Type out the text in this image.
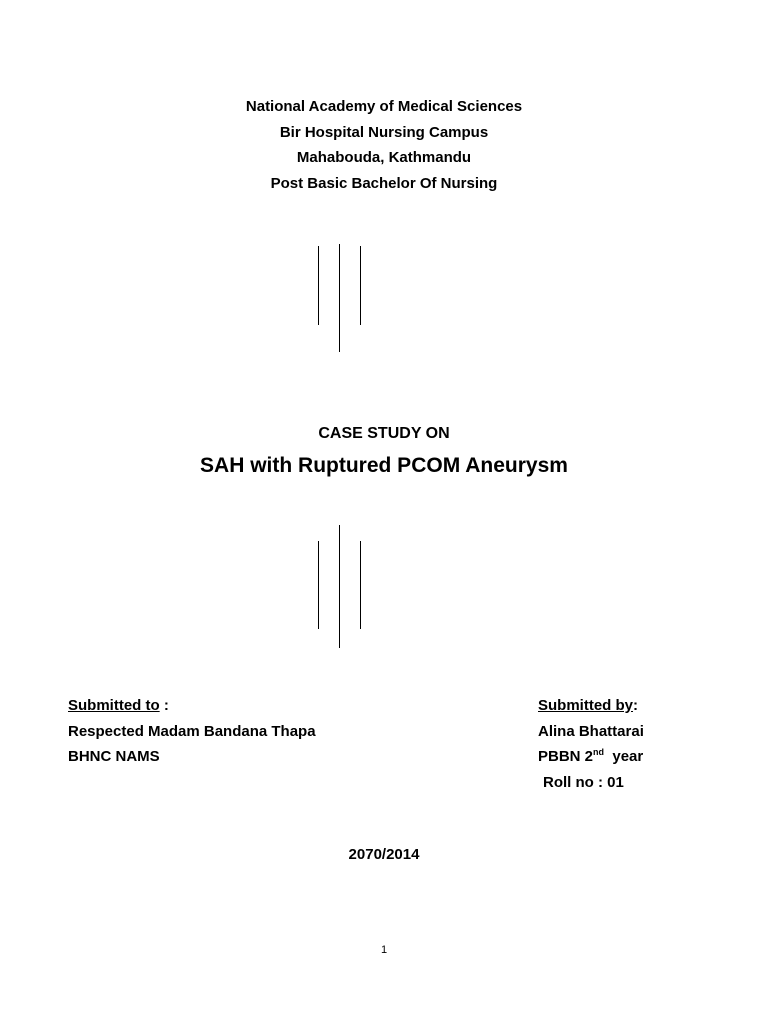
National Academy of Medical Sciences
Bir Hospital Nursing Campus
Mahabouda, Kathmandu
Post Basic Bachelor Of Nursing
CASE STUDY ON
SAH with Ruptured PCOM Aneurysm
Submitted to :
Respected Madam Bandana Thapa
BHNC NAMS
Submitted by:
Alina Bhattarai
PBBN 2nd  year
Roll no : 01
2070/2014
1
